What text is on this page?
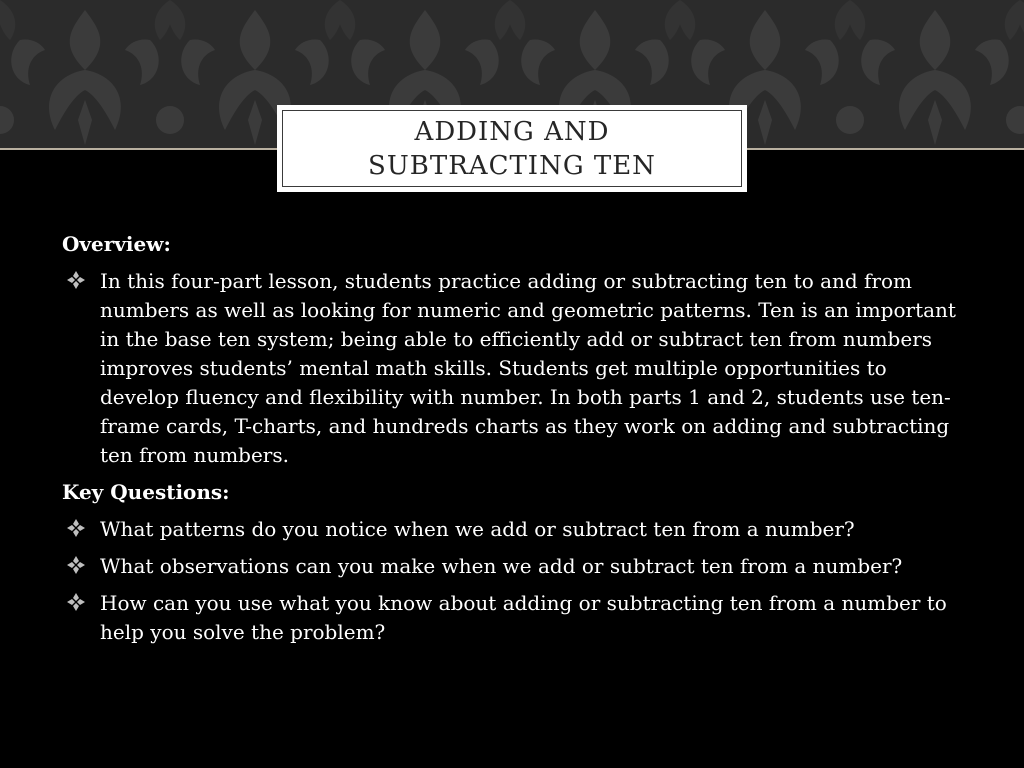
ADDING AND SUBTRACTING TEN
Overview:
In this four-part lesson, students practice adding or subtracting ten to and from numbers as well as looking for numeric and geometric patterns. Ten is an important in the base ten system; being able to efficiently add or subtract ten from numbers improves students’ mental math skills. Students get multiple opportunities to develop fluency and flexibility with number. In both parts 1 and 2, students use ten-frame cards, T-charts, and hundreds charts as they work on adding and subtracting ten from numbers.
Key Questions:
What patterns do you notice when we add or subtract ten from a number?
What observations can you make when we add or subtract ten from a number?
How can you use what you know about adding or subtracting ten from a number to help you solve the problem?
